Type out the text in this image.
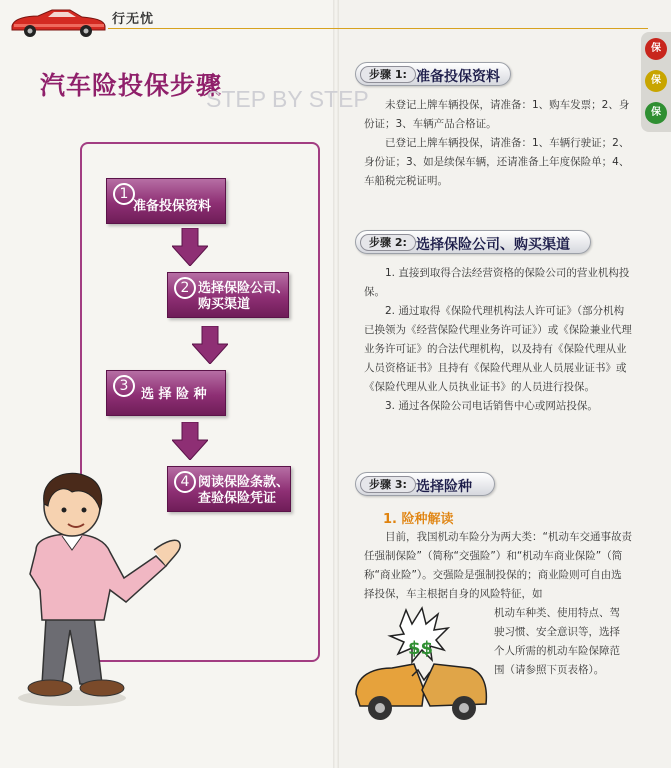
行无忧
汽车险投保步骤
STEP BY STEP
1
准备投保资料
2 选择保险公司、
购买渠道
3
选 择 险 种
4 阅读保险条款、
查验保险凭证
保
保
保
步骤 1: 准备投保资料

未登记上牌车辆投保，请准备：1、购车发票；2、身份证；3、车辆产品合格证。

已登记上牌车辆投保，请准备：1、车辆行驶证；2、身份证；3、如是续保车辆，还请准备上年度保险单；4、车船税完税证明。

步骤 2: 选择保险公司、购买渠道

1. 直接到取得合法经营资格的保险公司的营业机构投保。

2. 通过取得《保险代理机构法人许可证》（部分机构已换领为《经营保险代理业务许可证》）或《保险兼业代理业务许可证》的合法代理机构，以及持有《保险代理从业人员资格证书》且持有《保险代理从业人员展业证书》或《保险代理从业人员执业证书》的人员进行投保。

3. 通过各保险公司电话销售中心或网站投保。

步骤 3: 选择险种
1. 险种解读

目前，我国机动车险分为两大类：“机动车交通事故责任强制保险”（简称“交强险”）和“机动车商业保险”（简称“商业险”）。交强险是强制投保的；商业险则可自由选择投保，车主根据自身的风险特征，如

机动车种类、使用特点、驾驶习惯、安全意识等，选择个人所需的机动车险保障范围（请参照下页表格）。

$$
